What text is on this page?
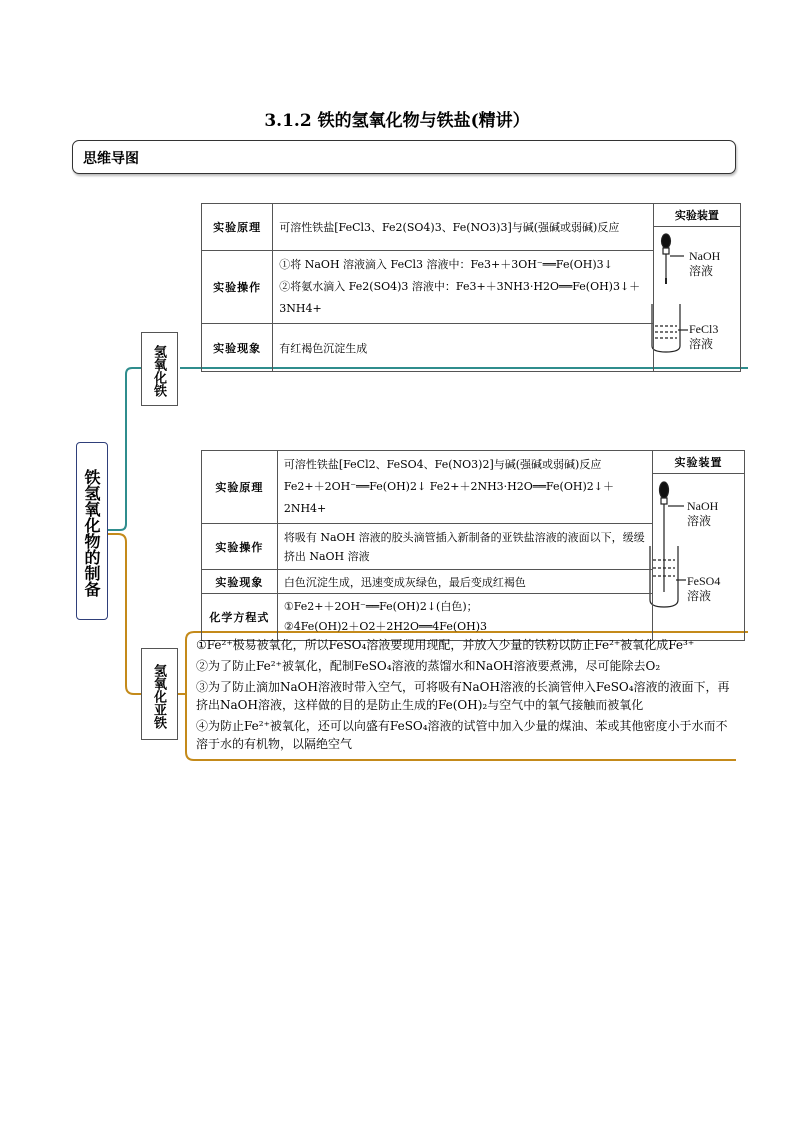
3.1.2 铁的氢氧化物与铁盐(精讲）
思维导图
铁氢氧化物的制备
氢氧化铁
氢氧化亚铁
实验原理	可溶性铁盐[FeCl3、Fe2(SO4)3、Fe(NO3)3]与碱(强碱或弱碱)反应	实验装置

实验操作	①将 NaOH 溶液滴入 FeCl3 溶液中：Fe3+＋3OH⁻══Fe(OH)3↓
②将氨水滴入 Fe2(SO4)3 溶液中：Fe3+＋3NH3·H2O══Fe(OH)3↓＋3NH4+	

实验现象	有红褐色沉淀生成	
NaOH
溶液
FeCl3
溶液
实验原理	可溶性铁盐[FeCl2、FeSO4、Fe(NO3)2]与碱(强碱或弱碱)反应
Fe2+＋2OH⁻══Fe(OH)2↓ Fe2+＋2NH3·H2O══Fe(OH)2↓＋2NH4+	实验装置

实验操作	将吸有 NaOH 溶液的胶头滴管插入新制备的亚铁盐溶液的液面以下，缓缓挤出 NaOH 溶液	
实验现象	白色沉淀生成，迅速变成灰绿色，最后变成红褐色	
化学方程式	①Fe2+＋2OH⁻══Fe(OH)2↓(白色)；
②4Fe(OH)2＋O2＋2H2O══4Fe(OH)3	
NaOH
溶液
FeSO4
溶液

①Fe²⁺极易被氧化，所以FeSO₄溶液要现用现配，并放入少量的铁粉以防止Fe²⁺被氧化成Fe³⁺

②为了防止Fe²⁺被氧化，配制FeSO₄溶液的蒸馏水和NaOH溶液要煮沸，尽可能除去O₂

③为了防止滴加NaOH溶液时带入空气，可将吸有NaOH溶液的长滴管伸入FeSO₄溶液的液面下，再挤出NaOH溶液，这样做的目的是防止生成的Fe(OH)₂与空气中的氧气接触而被氧化

④为防止Fe²⁺被氧化，还可以向盛有FeSO₄溶液的试管中加入少量的煤油、苯或其他密度小于水而不溶于水的有机物，以隔绝空气
